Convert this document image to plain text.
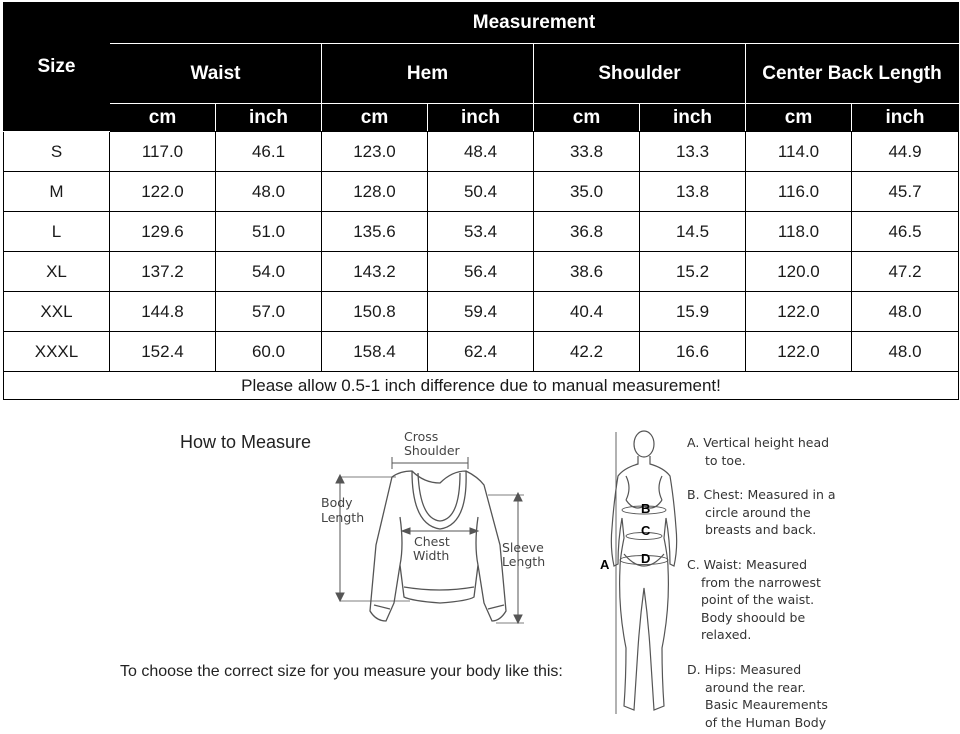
Size	Measurement							
	Waist		Hem		Shoulder		Center Back Length	
	cm	inch	cm	inch	cm	inch	cm	inch
S	117.0	46.1	123.0	48.4	33.8	13.3	114.0	44.9
M	122.0	48.0	128.0	50.4	35.0	13.8	116.0	45.7
L	129.6	51.0	135.6	53.4	36.8	14.5	118.0	46.5
XL	137.2	54.0	143.2	56.4	38.6	15.2	120.0	47.2
XXL	144.8	57.0	150.8	59.4	40.4	15.9	122.0	48.0
XXXL	152.4	60.0	158.4	62.4	42.2	16.6	122.0	48.0
Please allow 0.5-1 inch difference due to manual measurement!								
How to Measure	Cross
Shoulder
Body
Length
Chest
Width
Sleeve
Length
To choose the correct size for you measure your body like this:
A
B
C
D
A. Vertical height head
to toe.
B. Chest: Measured in a
circle around the
breasts and back.
C. Waist: Measured
from the narrowest
point of the waist.
Body shoould be
relaxed.
D. Hips: Measured
around the rear.
Basic Meaurements
of the Human Body
